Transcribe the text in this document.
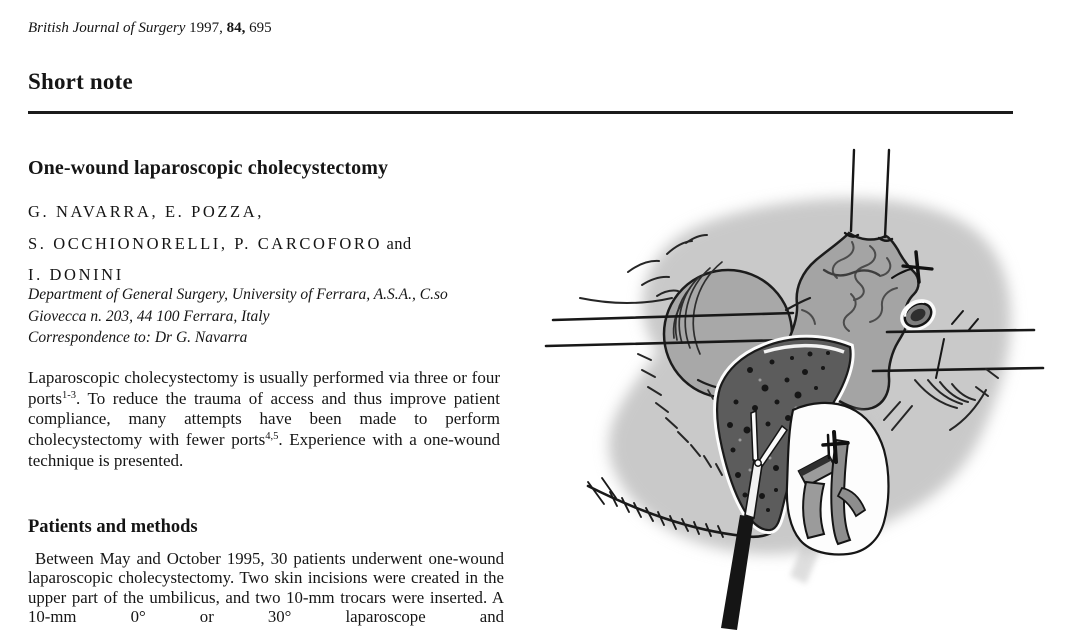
British Journal of Surgery 1997, 84, 695
Short note
One-wound laparoscopic cholecystectomy
G. NAVARRA, E. POZZA,
S. OCCHIONORELLI, P. CARCOFORO and
I. DONINI
Department of General Surgery, University of Ferrara, A.S.A., C.so
Giovecca n. 203, 44 100 Ferrara, Italy
Correspondence to: Dr G. Navarra

Laparoscopic cholecystectomy is usually performed via three or four ports$^{1-3}$. To reduce the trauma of access and thus improve patient compliance, many attempts have been made to perform cholecystectomy with fewer ports$^{4,5}$. Experience with a one-wound technique is presented.

Patients and methods

Between May and October 1995, 30 patients underwent one-wound laparoscopic cholecystectomy. Two skin incisions were created in the upper part of the umbilicus, and two 10-mm trocars were inserted. A 10-mm 0° or 30° laparoscope and
